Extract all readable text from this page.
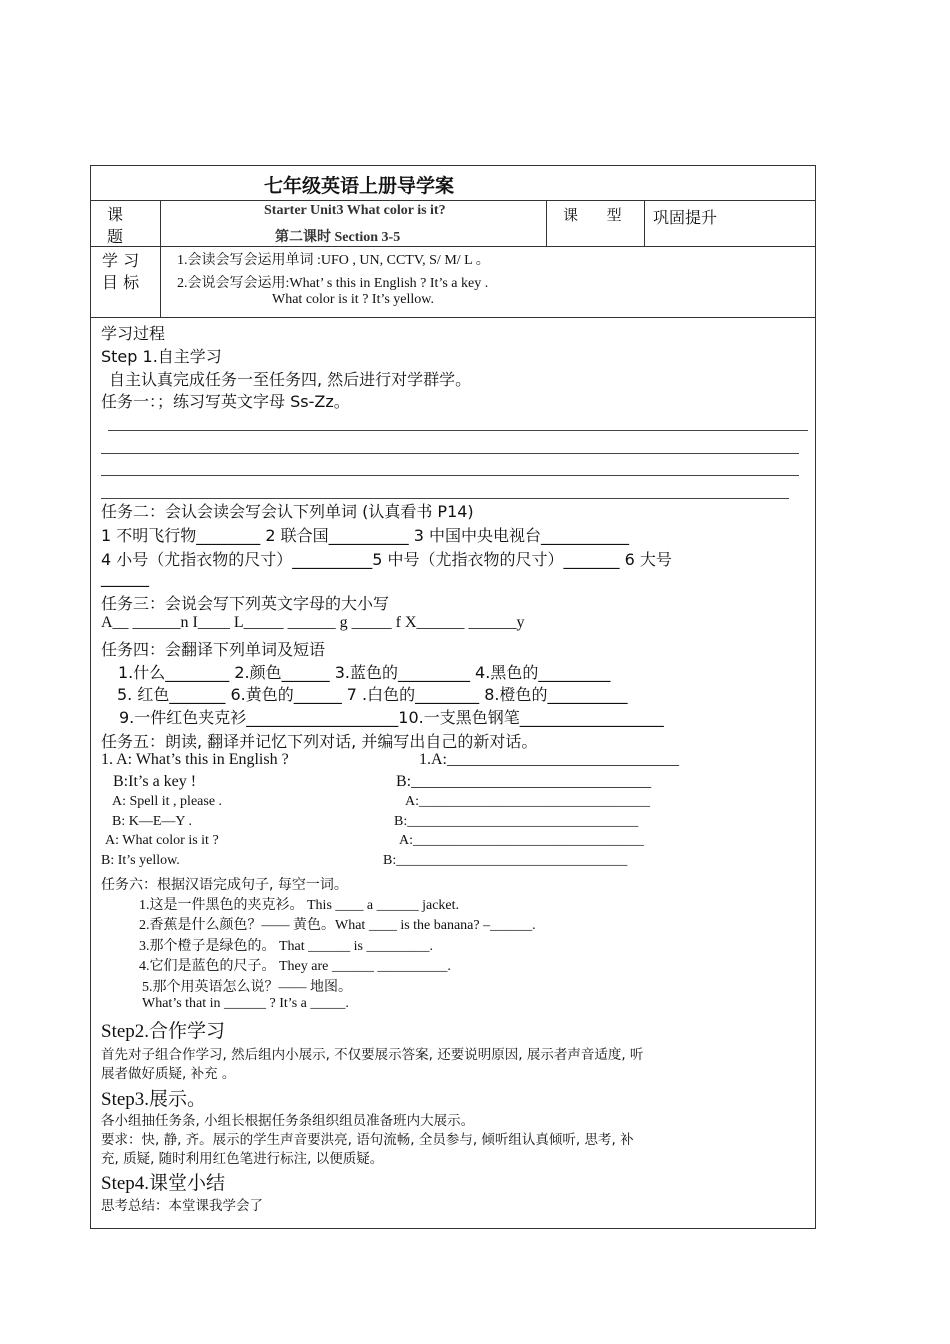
七年级英语上册导学案
课
题
Starter Unit3 What color is it?
第二课时 Section 3-5
课      型 巩固提升
学 习
目 标
1.会读会写会运用单词 :UFO , UN, CCTV, S/ M/ L 。
2.会说会写会运用:What’ s this in English ? It’s a key .
What color is it ? It’s yellow.
学习过程
Step 1.自主学习
自主认真完成任务一至任务四, 然后进行对学群学。
任务一：；练习写英文字母 Ss-Zz。
任务二：会认会读会写会认下列单词 (认真看书 P14)
1 不明飞行物________ 2 联合国__________ 3 中国中央电视台___________
4 小号（尤指衣物的尺寸）__________5 中号（尤指衣物的尺寸）_______ 6 大号
______
任务三：会说会写下列英文字母的大小写
A__ ______n I____ L_____ ______ g _____ f X______ ______y
任务四：会翻译下列单词及短语
1.什么________ 2.颜色______ 3.蓝色的_________ 4.黑色的_________
5. 红色_______ 6.黄色的______ 7 .白色的________ 8.橙色的__________
9.一件红色夹克衫___________________10.一支黑色钢笔__________________
任务五：朗读, 翻译并记忆下列对话, 并编写出自己的新对话。
1. A: What’s this in English ?
B:It’s a key !
A: Spell it , please .
B: K—E—Y .
A: What color is it ?
B: It’s yellow.
1.A:_____________________________
B:______________________________
A:_________________________________
B:_________________________________
A:_________________________________
B:_________________________________
任务六：根据汉语完成句子, 每空一词。
1.这是一件黑色的夹克衫。 This ____ a ______ jacket.
2.香蕉是什么颜色？—— 黄色。What ____ is the banana? –______.
3.那个橙子是绿色的。 That ______ is _________.
4.它们是蓝色的尺子。 They are ______ __________.
5.那个用英语怎么说？—— 地图。
What’s that in ______ ? It’s a _____.
Step2.合作学习
首先对子组合作学习, 然后组内小展示, 不仅要展示答案, 还要说明原因, 展示者声音适度, 听
展者做好质疑, 补充 。
Step3.展示。
各小组抽任务条, 小组长根据任务条组织组员准备班内大展示。
要求：快, 静, 齐。展示的学生声音要洪亮, 语句流畅, 全员参与, 倾听组认真倾听, 思考, 补
充, 质疑, 随时利用红色笔进行标注, 以便质疑。
Step4.课堂小结
思考总结：本堂课我学会了
